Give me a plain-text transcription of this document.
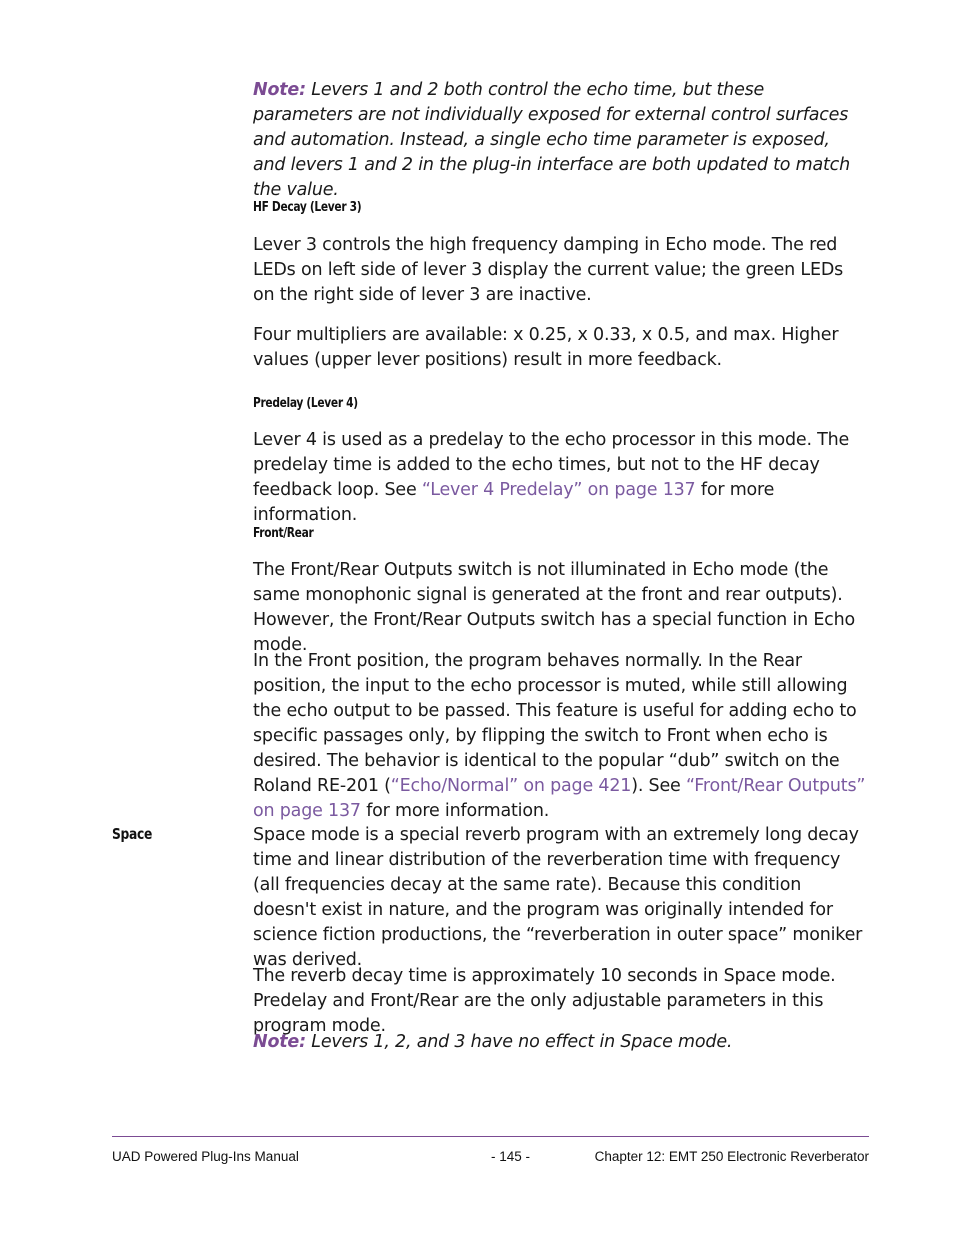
Note: Levers 1 and 2 both control the echo time, but these parameters are not individually exposed for external control surfaces and automation. Instead, a single echo time parameter is exposed, and levers 1 and 2 in the plug-in interface are both updated to match the value.

HF Decay (Lever 3)

Lever 3 controls the high frequency damping in Echo mode. The red LEDs on left side of lever 3 display the current value; the green LEDs on the right side of lever 3 are inactive.

Four multipliers are available: x 0.25, x 0.33, x 0.5, and max. Higher values (upper lever positions) result in more feedback.

Predelay (Lever 4)

Lever 4 is used as a predelay to the echo processor in this mode. The predelay time is added to the echo times, but not to the HF decay feedback loop. See “Lever 4 Predelay” on page 137 for more information.

Front/Rear

The Front/Rear Outputs switch is not illuminated in Echo mode (the same monophonic signal is generated at the front and rear outputs). However, the Front/Rear Outputs switch has a special function in Echo mode.

In the Front position, the program behaves normally. In the Rear position, the input to the echo processor is muted, while still allowing the echo output to be passed. This feature is useful for adding echo to specific passages only, by flipping the switch to Front when echo is desired. The behavior is identical to the popular “dub” switch on the Roland RE-201 (“Echo/Normal” on page 421). See “Front/Rear Outputs” on page 137 for more information.

Space	Space mode is a special reverb program with an extremely long decay time and linear distribution of the reverberation time with frequency (all frequencies decay at the same rate). Because this condition doesn't exist in nature, and the program was originally intended for science fiction productions, the “reverberation in outer space” moniker was derived.

The reverb decay time is approximately 10 seconds in Space mode. Predelay and Front/Rear are the only adjustable parameters in this program mode.

Note: Levers 1, 2, and 3 have no effect in Space mode.

UAD Powered Plug-Ins Manual	- 145 -	Chapter 12: EMT 250 Electronic Reverberator
